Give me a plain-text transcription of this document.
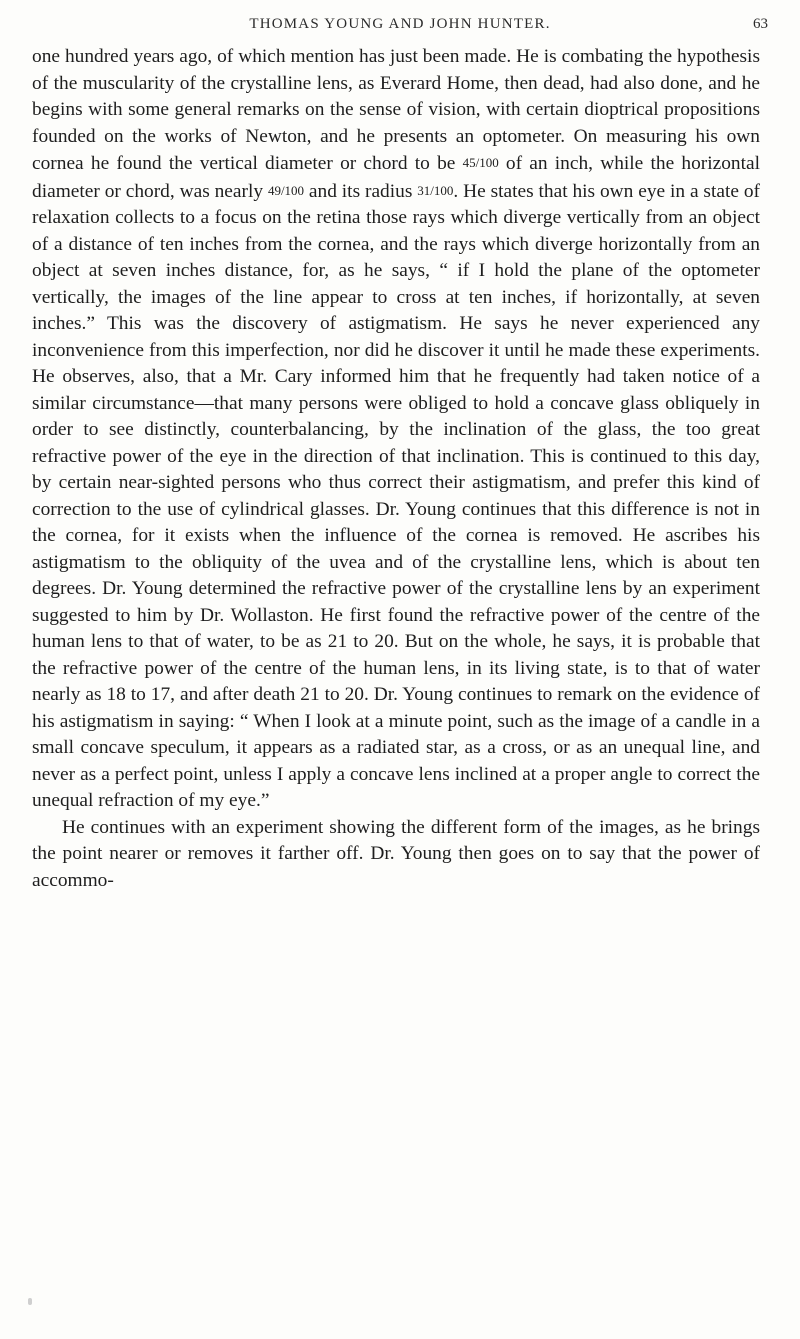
THOMAS YOUNG AND JOHN HUNTER.	63

one hundred years ago, of which mention has just been made. He is combating the hypothesis of the muscularity of the crystalline lens, as Everard Home, then dead, had also done, and he begins with some general remarks on the sense of vision, with certain dioptrical propositions founded on the works of Newton, and he presents an optometer. On measuring his own cornea he found the vertical diameter or chord to be 45/100 of an inch, while the horizontal diameter or chord, was nearly 49/100 and its radius 31/100. He states that his own eye in a state of relaxation collects to a focus on the retina those rays which diverge vertically from an object of a distance of ten inches from the cornea, and the rays which diverge horizontally from an object at seven inches distance, for, as he says, “ if I hold the plane of the optometer vertically, the images of the line appear to cross at ten inches, if horizontally, at seven inches.” This was the discovery of astigmatism. He says he never experienced any inconvenience from this imperfection, nor did he discover it until he made these experiments. He observes, also, that a Mr. Cary informed him that he frequently had taken notice of a similar circumstance—that many persons were obliged to hold a concave glass obliquely in order to see distinctly, counterbalancing, by the inclination of the glass, the too great refractive power of the eye in the direction of that inclination. This is continued to this day, by certain near-sighted persons who thus correct their astigmatism, and prefer this kind of correction to the use of cylindrical glasses. Dr. Young continues that this difference is not in the cornea, for it exists when the influence of the cornea is removed. He ascribes his astigmatism to the obliquity of the uvea and of the crystalline lens, which is about ten degrees. Dr. Young determined the refractive power of the crystalline lens by an experiment suggested to him by Dr. Wollaston. He first found the refractive power of the centre of the human lens to that of water, to be as 21 to 20. But on the whole, he says, it is probable that the refractive power of the centre of the human lens, in its living state, is to that of water nearly as 18 to 17, and after death 21 to 20. Dr. Young continues to remark on the evidence of his astigmatism in saying: “ When I look at a minute point, such as the image of a candle in a small concave speculum, it appears as a radiated star, as a cross, or as an unequal line, and never as a perfect point, unless I apply a concave lens inclined at a proper angle to correct the unequal refraction of my eye.”

He continues with an experiment showing the different form of the images, as he brings the point nearer or removes it farther off. Dr. Young then goes on to say that the power of accommo-
